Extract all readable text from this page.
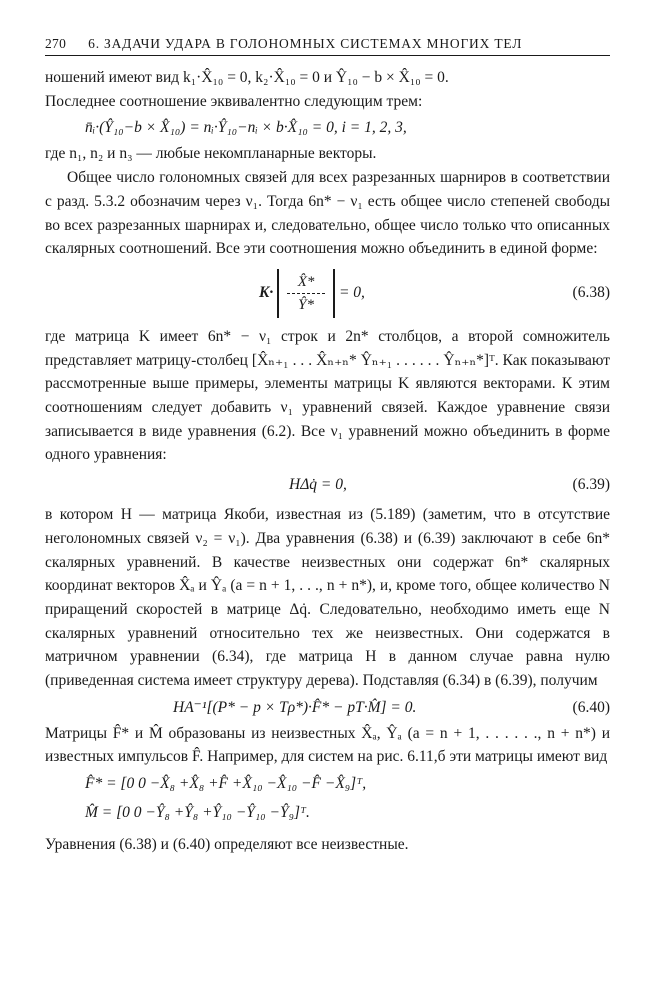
270 6. ЗАДАЧИ УДАРА В ГОЛОНОМНЫХ СИСТЕМАХ МНОГИХ ТЕЛ

ношений имеют вид k₁·X̂₁₀ = 0, k₂·X̂₁₀ = 0 и Ŷ₁₀ − b × X̂₁₀ = 0.

Последнее соотношение эквивалентно следующим трем:

n̄ᵢ·(Ŷ₁₀−b × X̂₁₀) = nᵢ·Ŷ₁₀−nᵢ × b·X̂₁₀ = 0, i = 1, 2, 3,

где n₁, n₂ и n₃ — любые некомпланарные векторы.

Общее число голономных связей для всех разрезанных шарниров в соответствии с разд. 5.3.2 обозначим через ν₁. Тогда 6n* − ν₁ есть общее число степеней свободы во всех разрезанных шарнирах и, следовательно, общее число только что описанных скалярных соотношений. Все эти соотношения можно объединить в единой форме:

$K\cdot \frac{X̂*}{Ŷ*} = 0$,	(6.38)

где матрица K имеет 6n* − ν₁ строк и 2n* столбцов, а второй сомножитель представляет матрицу-столбец [X̂ₙ₊₁ . . . X̂ₙ₊ₙ* Ŷₙ₊₁ . . . . . . Ŷₙ₊ₙ*]ᵀ. Как показывают рассмотренные выше примеры, элементы матрицы K являются векторами. К этим соотношениям следует добавить ν₁ уравнений связей. Каждое уравнение связи записывается в виде уравнения (6.2). Все ν₁ уравнений можно объединить в форме одного уравнения:

HΔq̇ = 0,	(6.39)

в котором H — матрица Якоби, известная из (5.189) (заметим, что в отсутствие неголономных связей ν₂ = ν₁). Два уравнения (6.38) и (6.39) заключают в себе 6n* скалярных уравнений. В качестве неизвестных они содержат 6n* скалярных координат векторов X̂ₐ и Ŷₐ (a = n + 1, . . ., n + n*), и, кроме того, общее количество N приращений скоростей в матрице Δq̇. Следовательно, необходимо иметь еще N скалярных уравнений относительно тех же неизвестных. Они содержатся в матричном уравнении (6.34), где матрица H в данном случае равна нулю (приведенная система имеет структуру дерева). Подставляя (6.34) в (6.39), получим

HA⁻¹[(P* − p × Tρ*)·F̂* − pT·M̂] = 0.	(6.40)

Матрицы F̂* и M̂ образованы из неизвестных X̂ₐ, Ŷₐ (a = n + 1, . . . . . ., n + n*) и известных импульсов F̂. Например, для систем на рис. 6.11,б эти матрицы имеют вид

F̂* = [0 0 −X̂₈ +X̂₈ +F̂ +X̂₁₀ −X̂₁₀ −F̂ −X̂₉]ᵀ,
M̂ = [0 0 −Ŷ₈ +Ŷ₈ +Ŷ₁₀ −Ŷ₁₀ −Ŷ₉]ᵀ.

Уравнения (6.38) и (6.40) определяют все неизвестные.
